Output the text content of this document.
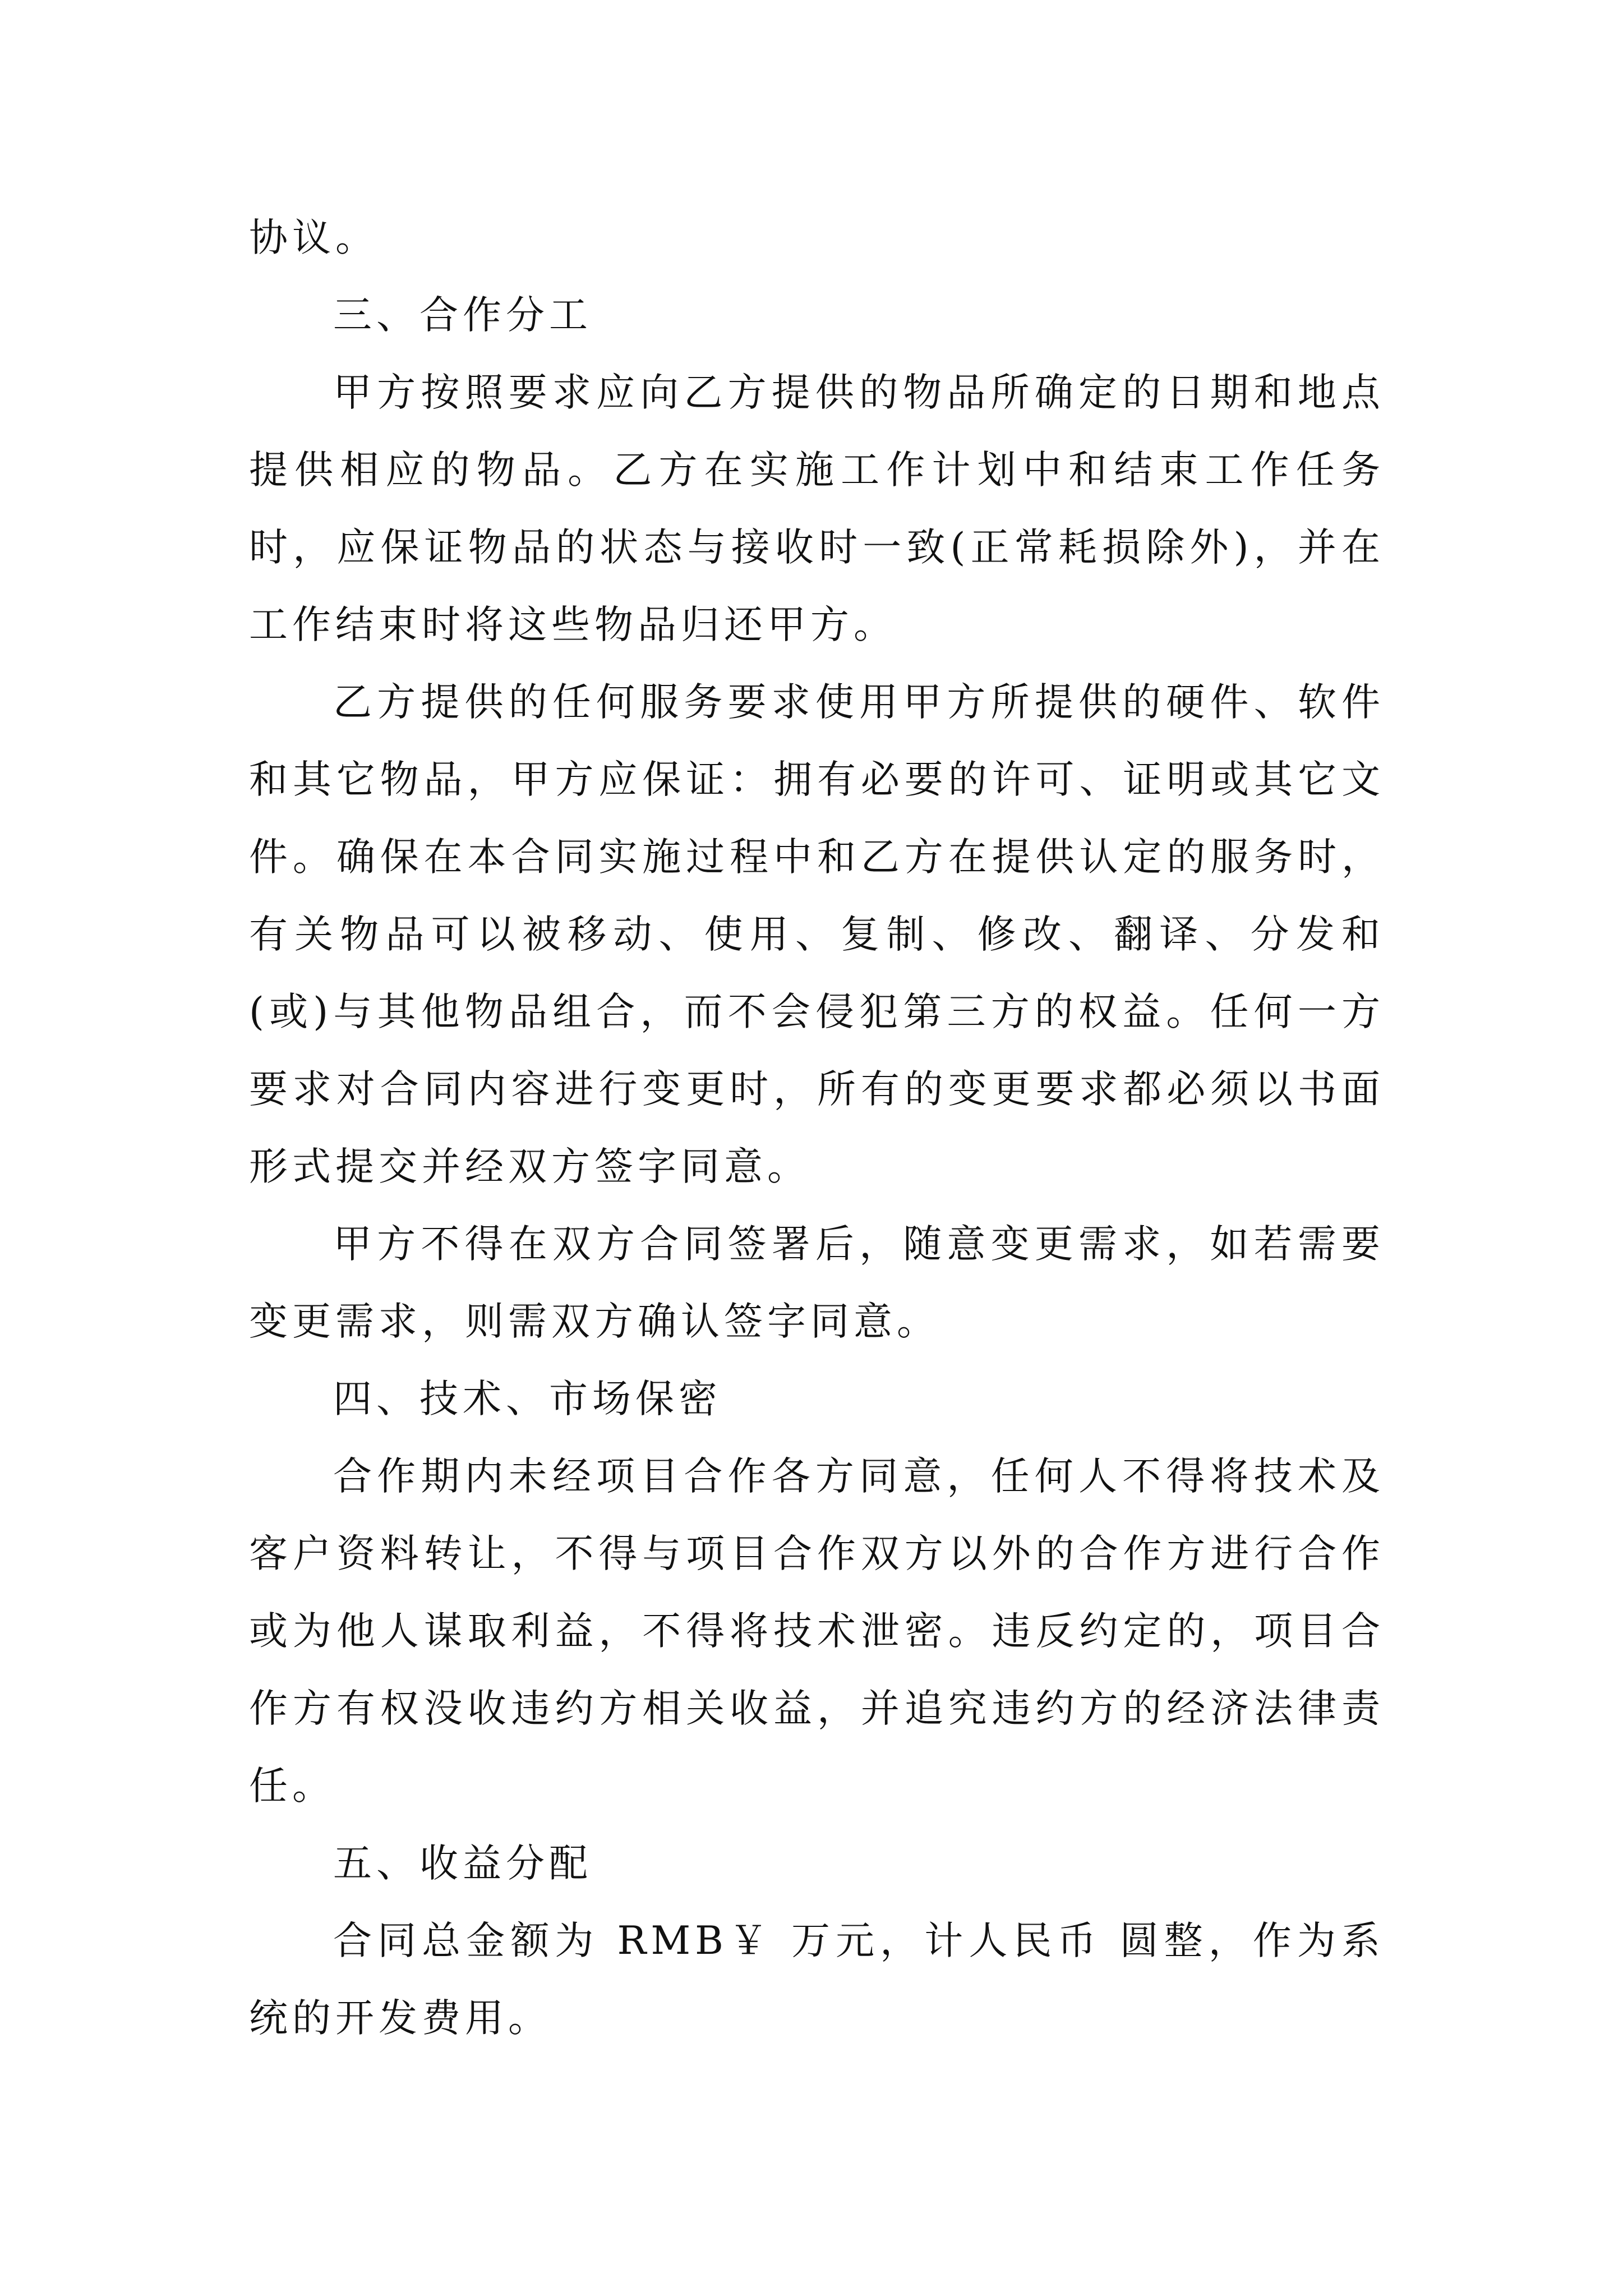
协议。

三、合作分工

甲方按照要求应向乙方提供的物品所确定的日期和地点提供相应的物品。乙方在实施工作计划中和结束工作任务时，应保证物品的状态与接收时一致(正常耗损除外)，并在工作结束时将这些物品归还甲方。

乙方提供的任何服务要求使用甲方所提供的硬件、软件和其它物品，甲方应保证：拥有必要的许可、证明或其它文件。确保在本合同实施过程中和乙方在提供认定的服务时，有关物品可以被移动、使用、复制、修改、翻译、分发和(或)与其他物品组合，而不会侵犯第三方的权益。任何一方要求对合同内容进行变更时，所有的变更要求都必须以书面形式提交并经双方签字同意。

甲方不得在双方合同签署后，随意变更需求，如若需要变更需求，则需双方确认签字同意。

四、技术、市场保密

合作期内未经项目合作各方同意，任何人不得将技术及客户资料转让，不得与项目合作双方以外的合作方进行合作或为他人谋取利益，不得将技术泄密。违反约定的，项目合作方有权没收违约方相关收益，并追究违约方的经济法律责任。

五、收益分配

合同总金额为 RMB￥ 万元，计人民币 圆整，作为系统的开发费用。
